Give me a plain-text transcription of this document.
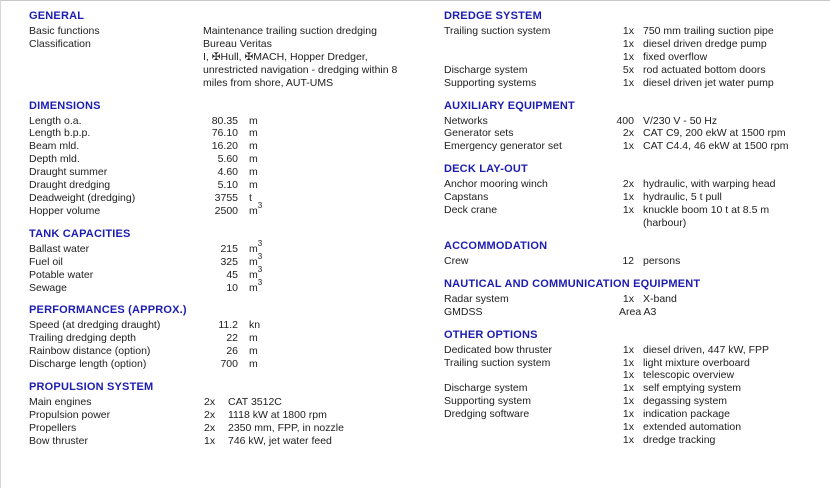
GENERAL
Basic functions	Maintenance trailing suction dredging
Classification	Bureau Veritas
I, ✠Hull, ✠MACH, Hopper Dredger,
unrestricted navigation - dredging within 8
miles from shore, AUT-UMS
DIMENSIONS
Length o.a.	80.35 m
Length b.p.p.	76.10 m
Beam mld.	16.20 m
Depth mld.	5.60 m
Draught summer	4.60 m
Draught dredging	5.10 m
Deadweight (dredging)	3755 t
Hopper volume	2500 $m^3$
TANK CAPACITIES
Ballast water	215 $m^3$
Fuel oil	325 $m^3$
Potable water	45 $m^3$
Sewage	10 $m^3$
PERFORMANCES (APPROX.)
Speed (at dredging draught)	11.2 kn
Trailing dredging depth	22 m
Rainbow distance (option)	26 m
Discharge length (option)	700 m
PROPULSION SYSTEM
Main engines	2x	CAT 3512C
Propulsion power	2x	1118 kW at 1800 rpm
Propellers	2x	2350 mm, FPP, in nozzle
Bow thruster	1x	746 kW, jet water feed
DREDGE SYSTEM
Trailing suction system	1x 750 mm trailing suction pipe
1x diesel driven dredge pump
1x fixed overflow
Discharge system	5x rod actuated bottom doors
Supporting systems	1x diesel driven jet water pump
AUXILIARY EQUIPMENT
Networks	400 V/230 V - 50 Hz
Generator sets	2x CAT C9, 200 ekW at 1500 rpm
Emergency generator set	1x CAT C4.4, 46 ekW at 1500 rpm
DECK LAY-OUT
Anchor mooring winch	2x hydraulic, with warping head
Capstans	1x hydraulic, 5 t pull
Deck crane	1x knuckle boom 10 t at 8.5 m
(harbour)
ACCOMMODATION
Crew	12 persons
NAUTICAL AND COMMUNICATION EQUIPMENT
Radar system	1x X-band
GMDSS	Area A3
OTHER OPTIONS
Dedicated bow thruster	1x diesel driven, 447 kW, FPP
Trailing suction system	1x light mixture overboard
1x telescopic overview
Discharge system	1x self emptying system
Supporting system	1x degassing system
Dredging software	1x indication package
1x extended automation
1x dredge tracking
